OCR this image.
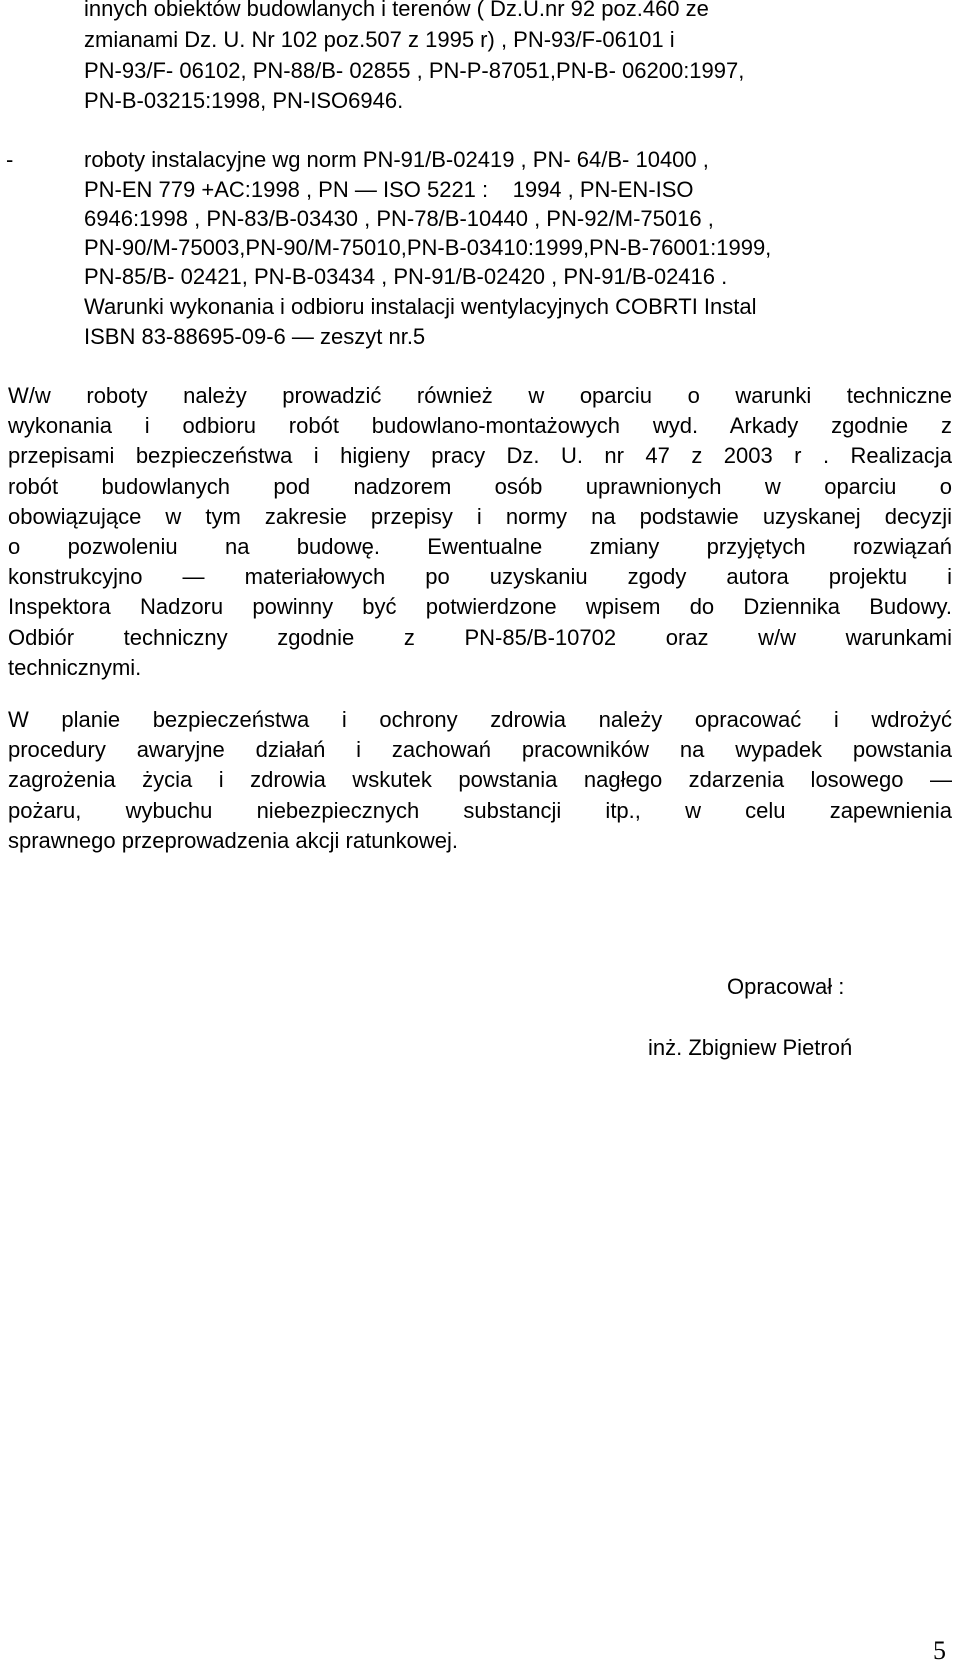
innych obiektów budowlanych i terenów ( Dz.U.nr 92 poz.460 ze

zmianami Dz. U. Nr 102 poz.507 z 1995 r) , PN-93/F-06101 i

PN-93/F- 06102, PN-88/B- 02855 , PN-P-87051,PN-B- 06200:1997,

PN-B-03215:1998, PN-ISO6946.

-	roboty instalacyjne wg norm PN-91/B-02419 , PN- 64/B- 10400 ,

PN-EN 779 +AC:1998 , PN — ISO 5221 :    1994 , PN-EN-ISO

6946:1998 , PN-83/B-03430 , PN-78/B-10440 , PN-92/M-75016 ,

PN-90/M-75003,PN-90/M-75010,PN-B-03410:1999,PN-B-76001:1999,

PN-85/B- 02421, PN-B-03434 , PN-91/B-02420 , PN-91/B-02416 .

Warunki wykonania i odbioru instalacji wentylacyjnych COBRTI Instal

ISBN 83-88695-09-6 — zeszyt nr.5

W/w roboty należy prowadzić również w oparciu o warunki techniczne
wykonania i odbioru robót budowlano-montażowych wyd. Arkady zgodnie z
przepisami bezpieczeństwa i higieny pracy Dz. U. nr 47 z 2003 r . Realizacja
robót budowlanych pod nadzorem osób uprawnionych w oparciu o
obowiązujące w tym zakresie przepisy i normy na podstawie uzyskanej decyzji
o pozwoleniu na budowę. Ewentualne zmiany przyjętych rozwiązań
konstrukcyjno — materiałowych po uzyskaniu zgody autora projektu i
Inspektora Nadzoru powinny być potwierdzone wpisem do Dziennika Budowy.
Odbiór techniczny zgodnie z PN-85/B-10702 oraz w/w warunkami
technicznymi.
W planie bezpieczeństwa i ochrony zdrowia należy opracować i wdrożyć
procedury awaryjne działań i zachowań pracowników na wypadek powstania
zagrożenia życia i zdrowia wskutek powstania nagłego zdarzenia losowego —
pożaru, wybuchu niebezpiecznych substancji itp., w celu zapewnienia
sprawnego przeprowadzenia akcji ratunkowej.
Opracował :
inż. Zbigniew Pietroń
5
